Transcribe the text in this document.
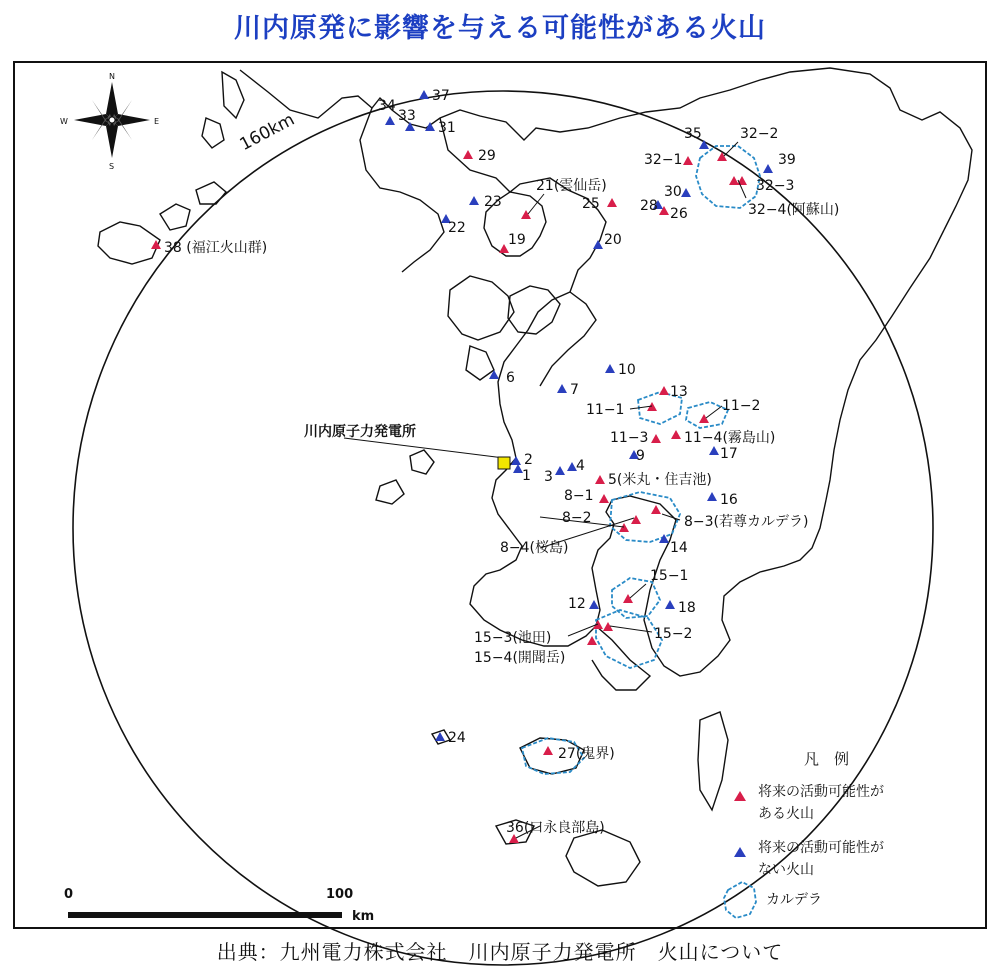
川内原発に影響を与える可能性がある火山
160km
N
S
E
W
川内原子力発電所
1
2
3
4
5(米丸・住吉池)
6
7
8−1
8−2	8−3(若尊カルデラ)
8−4(桜島)
9
10
11−1	11−2
11−3	11−4(霧島山)
12
13
14
15−1
15−2
15−3(池田)
15−4(開聞岳)
16
17
18
19	20
21(雲仙岳)
22
23
24
25
26
27(鬼界)
28
29
30
31
32−1
32−2
32−3
32−4(阿蘇山)
33
34
35
36(口永良部島)
37
38 (福江火山群)
39
凡　例
将来の活動可能性が
ある火山
将来の活動可能性が
ない火山
カルデラ
0	100
km
出典：九州電力株式会社　川内原子力発電所　火山について
